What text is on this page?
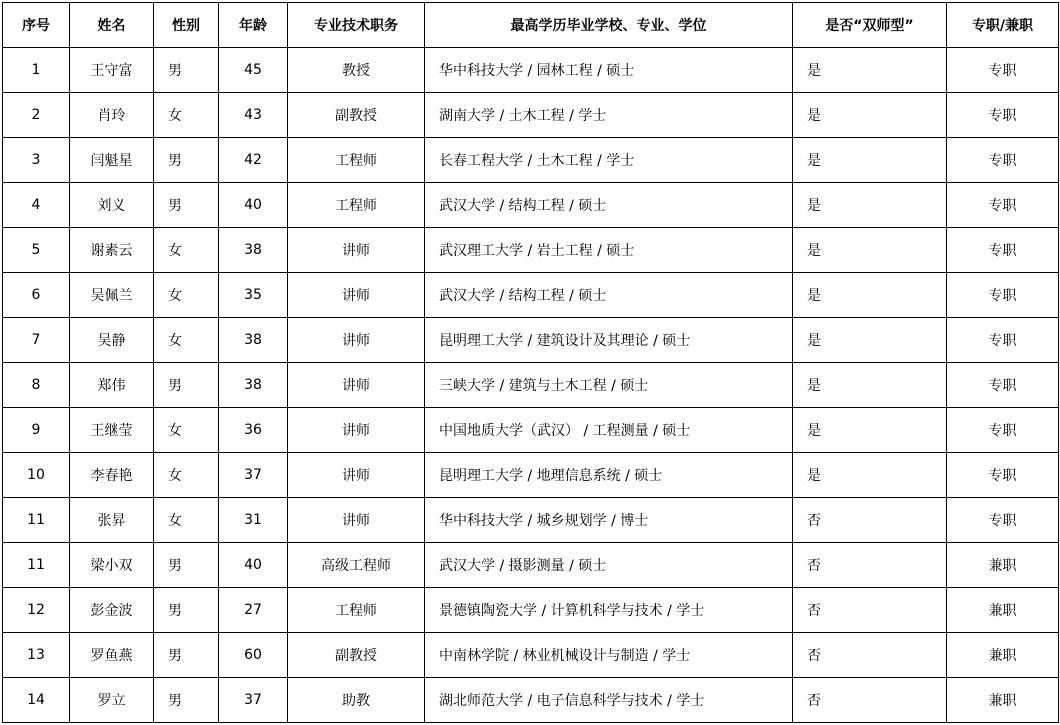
序号	姓名	性别	年龄	专业技术职务	最高学历毕业学校、专业、学位	是否“双师型”	专职/兼职
1	王守富	男	45	教授	华中科技大学 / 园林工程 / 硕士	是	专职
2	肖玲	女	43	副教授	湖南大学 / 土木工程 / 学士	是	专职
3	闫魁星	男	42	工程师	长春工程大学 / 土木工程 / 学士	是	专职
4	刘义	男	40	工程师	武汉大学 / 结构工程 / 硕士	是	专职
5	谢素云	女	38	讲师	武汉理工大学 / 岩土工程 / 硕士	是	专职
6	吴佩兰	女	35	讲师	武汉大学 / 结构工程 / 硕士	是	专职
7	吴静	女	38	讲师	昆明理工大学 / 建筑设计及其理论 / 硕士	是	专职
8	郑伟	男	38	讲师	三峡大学 / 建筑与土木工程 / 硕士	是	专职
9	王继莹	女	36	讲师	中国地质大学（武汉） / 工程测量 / 硕士	是	专职
10	李春艳	女	37	讲师	昆明理工大学 / 地理信息系统 / 硕士	是	专职
11	张昇	女	31	讲师	华中科技大学 / 城乡规划学 / 博士	否	专职
11	梁小双	男	40	高级工程师	武汉大学 / 摄影测量 / 硕士	否	兼职
12	彭金波	男	27	工程师	景德镇陶瓷大学 / 计算机科学与技术 / 学士	否	兼职
13	罗鱼燕	男	60	副教授	中南林学院 / 林业机械设计与制造 / 学士	否	兼职
14	罗立	男	37	助教	湖北师范大学 / 电子信息科学与技术 / 学士	否	兼职
